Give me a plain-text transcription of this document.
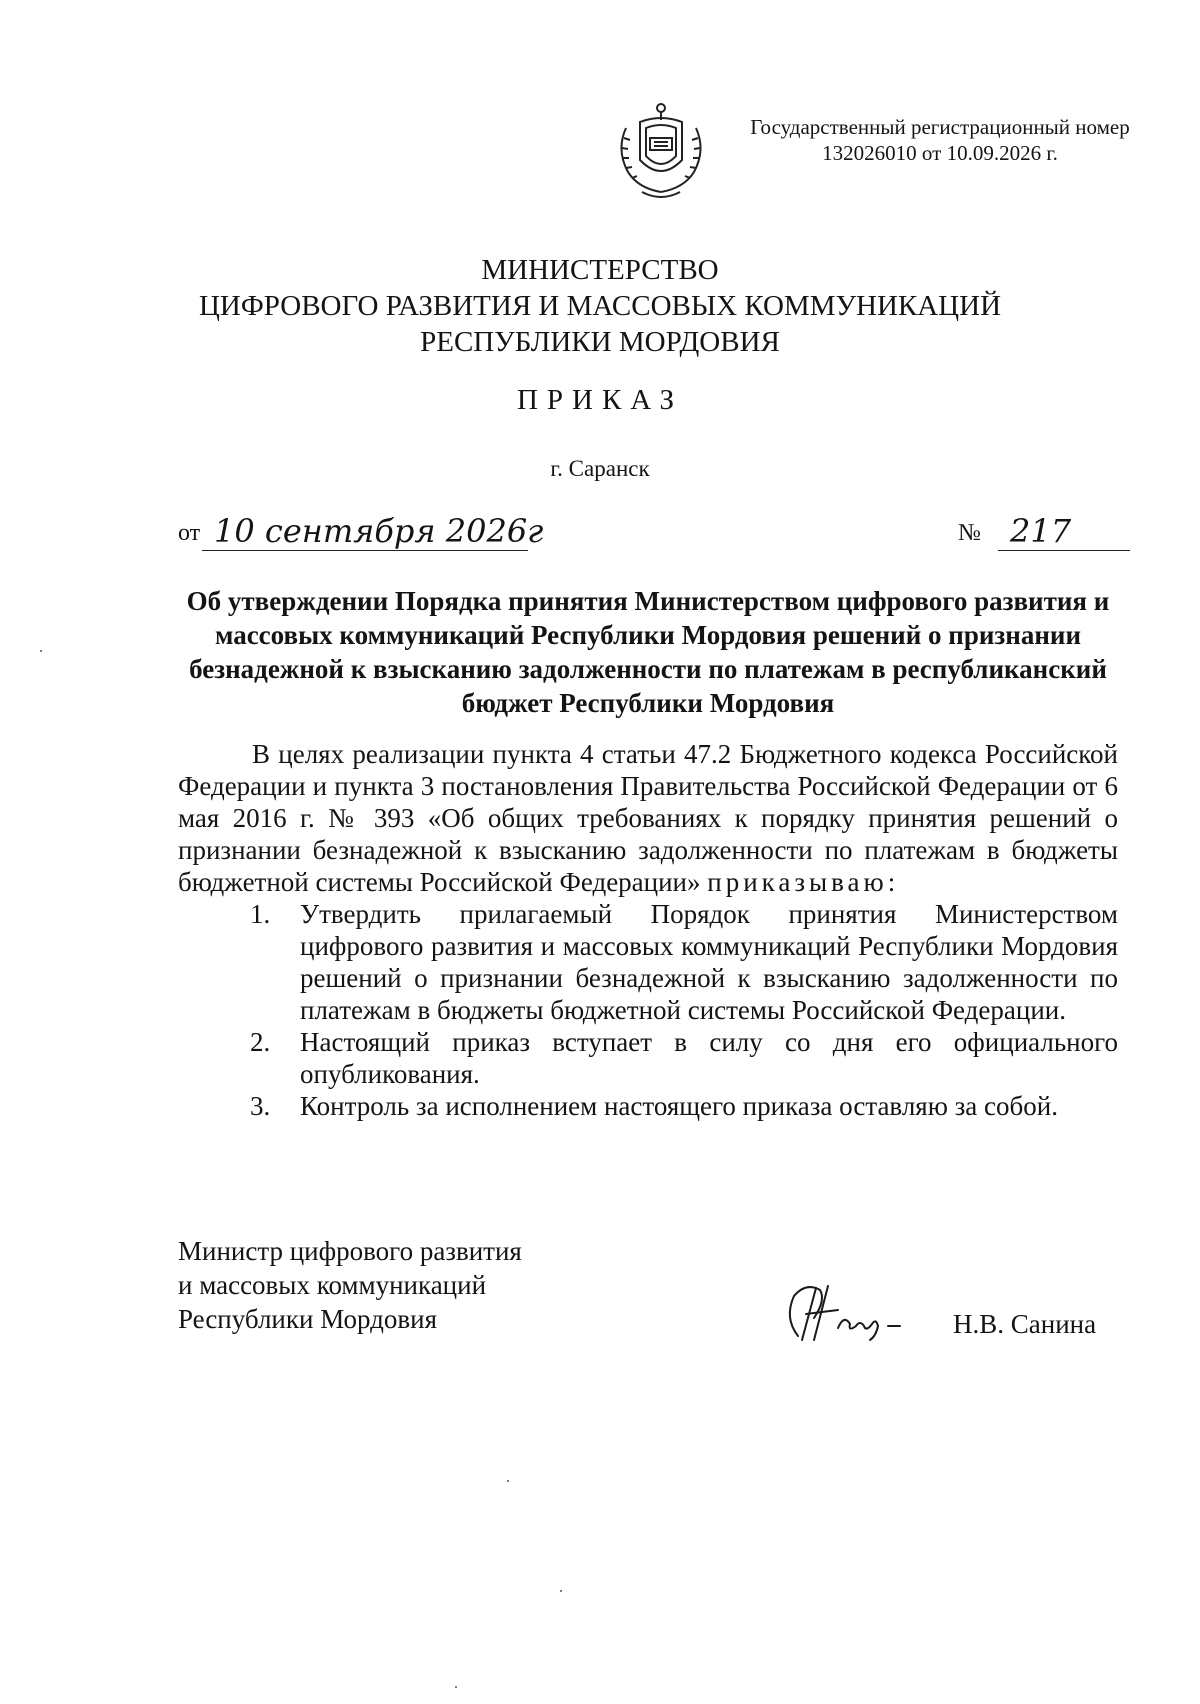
Государственный регистрационный номер
132026010 от 10.09.2026 г.
МИНИСТЕРСТВО
ЦИФРОВОГО РАЗВИТИЯ И МАССОВЫХ КОММУНИКАЦИЙ
РЕСПУБЛИКИ МОРДОВИЯ
ПРИКАЗ
г. Саранск
от 10 сентября 2026г	№ 217
Об утверждении Порядка принятия Министерством цифрового развития и массовых коммуникаций Республики Мордовия решений о признании безнадежной к взысканию задолженности по платежам в республиканский бюджет Республики Мордовия

В целях реализации пункта 4 статьи 47.2 Бюджетного кодекса Российской Федерации и пункта 3 постановления Правительства Российской Федерации от 6 мая 2016 г. № 393 «Об общих требованиях к порядку принятия решений о признании безнадежной к взысканию задолженности по платежам в бюджеты бюджетной системы Российской Федерации» приказываю:

1.	Утвердить прилагаемый Порядок принятия Министерством цифрового развития и массовых коммуникаций Республики Мордовия решений о признании безнадежной к взысканию задолженности по платежам в бюджеты бюджетной системы Российской Федерации.
2.	Настоящий приказ вступает в силу со дня его официального опубликования.
3.	Контроль за исполнением настоящего приказа оставляю за собой.
Министр цифрового развития
и массовых коммуникаций
Республики Мордовия	Н.В. Санина
